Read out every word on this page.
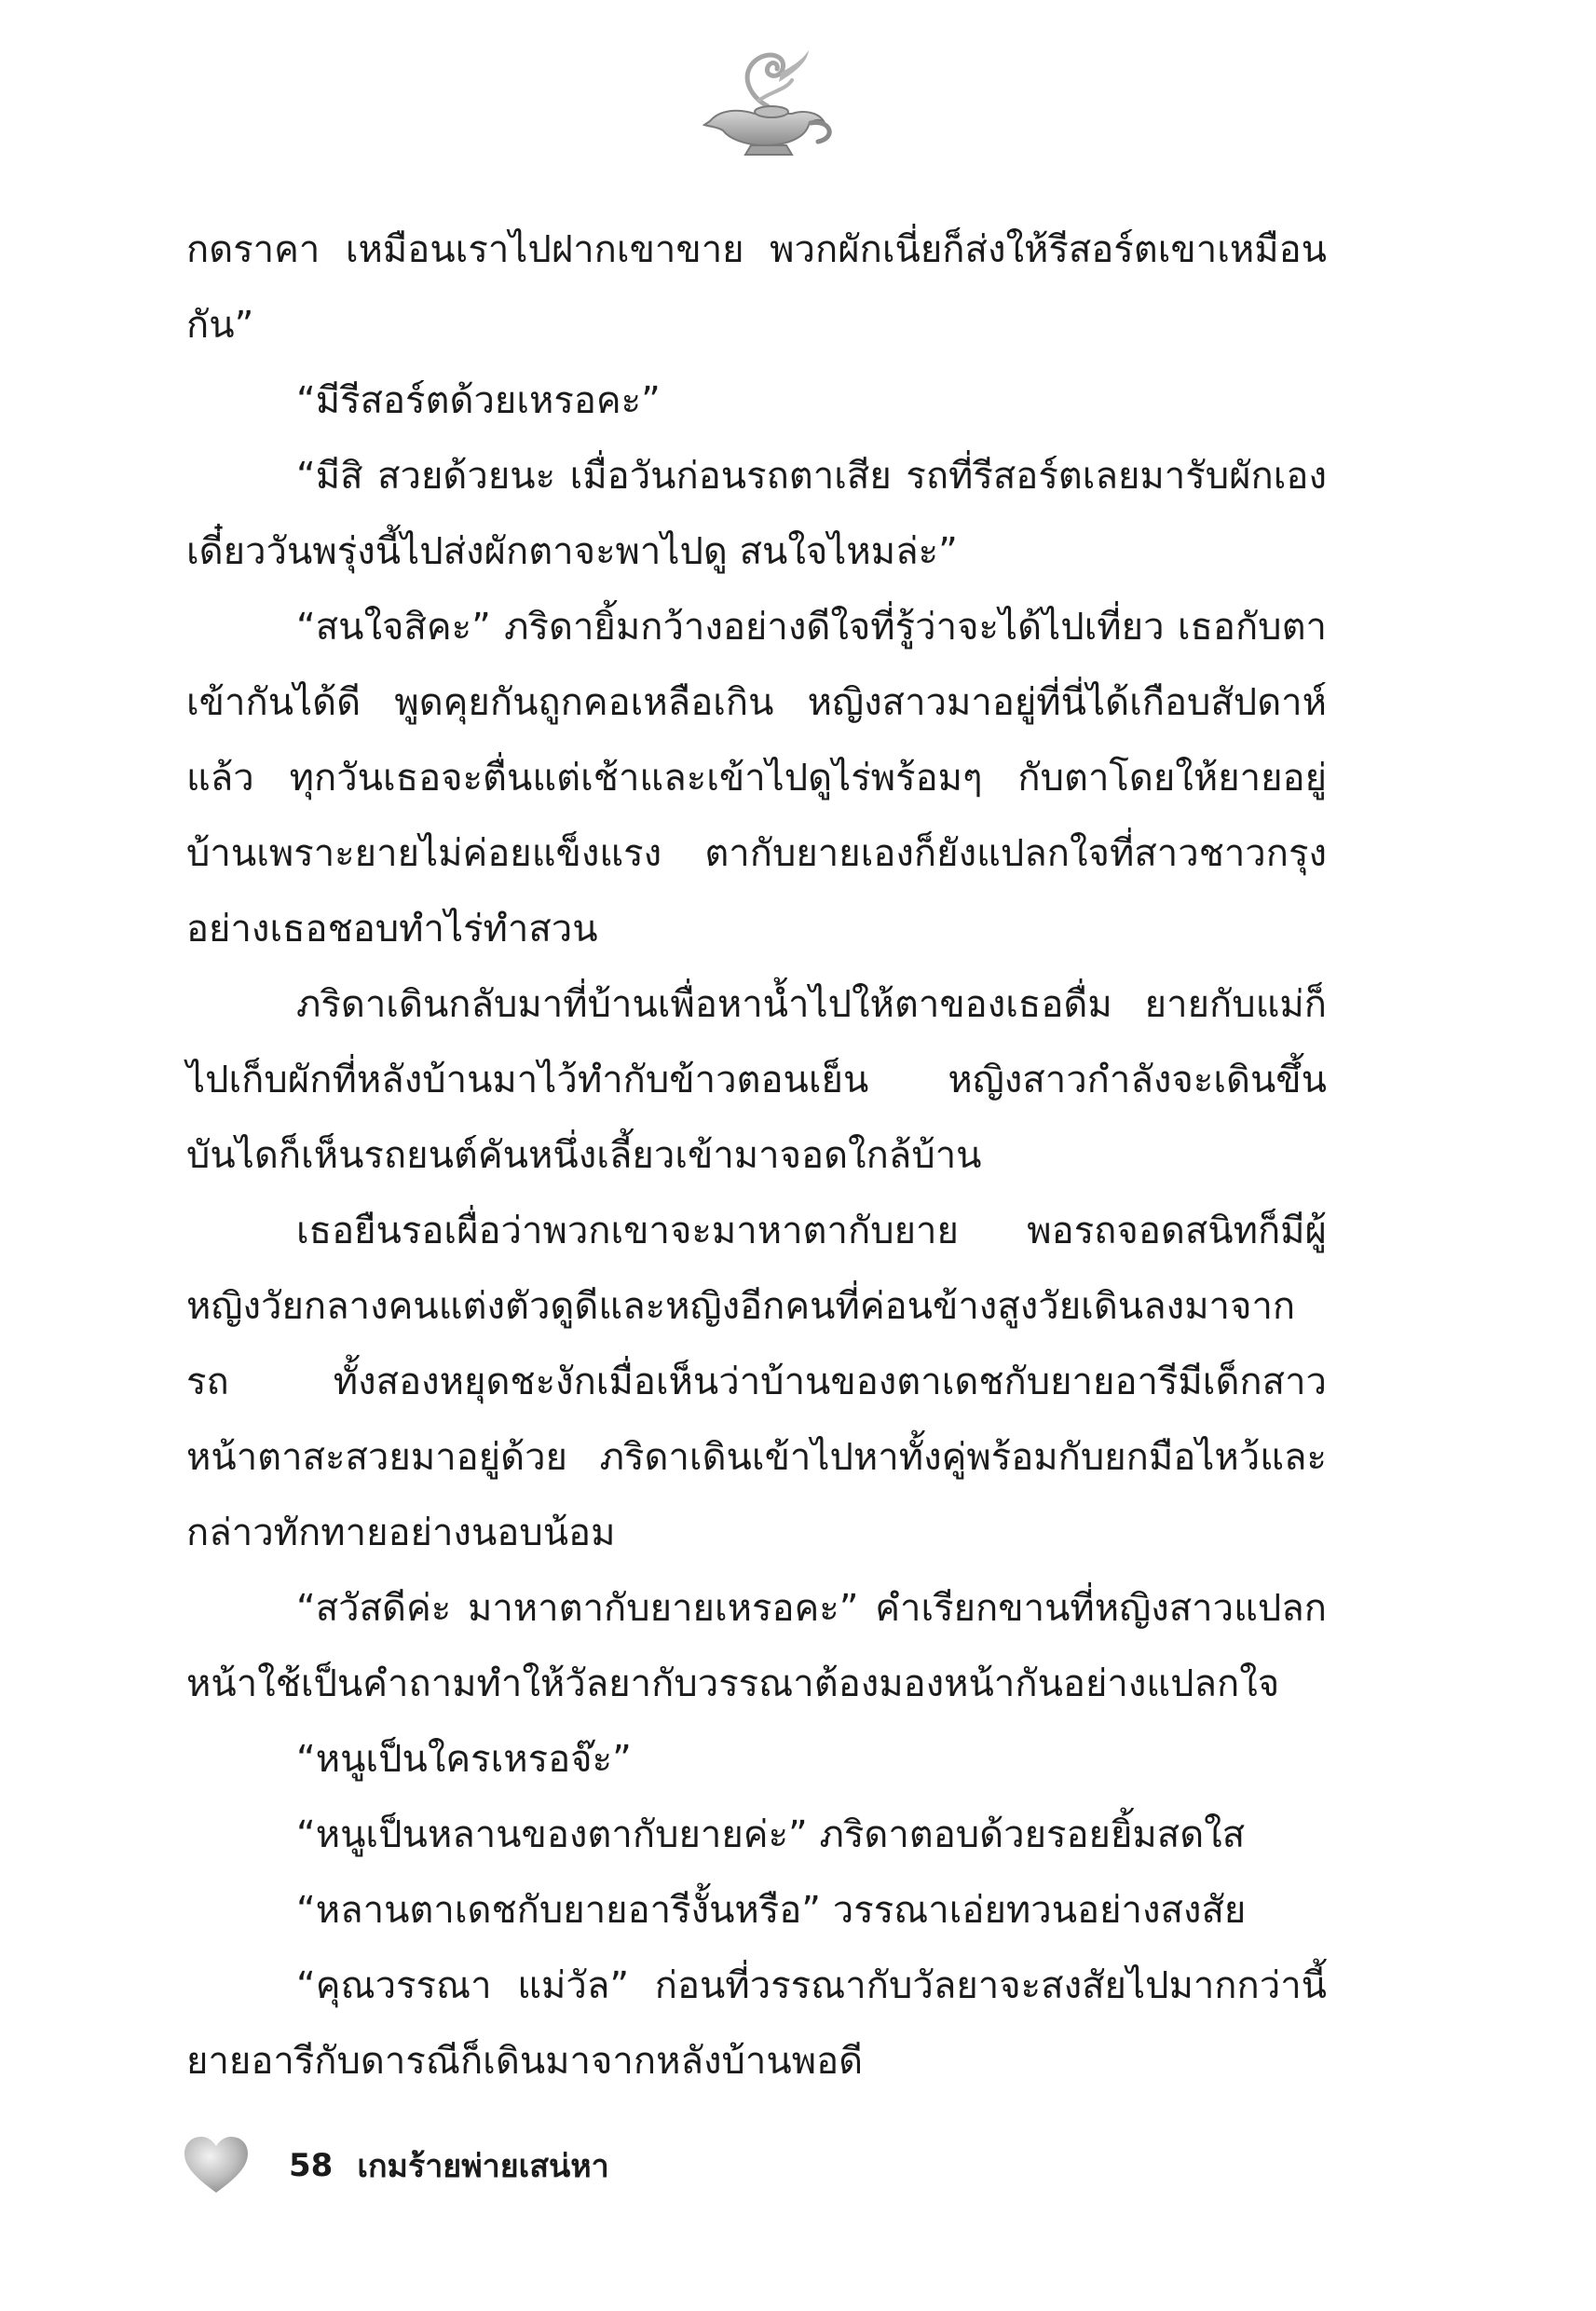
กดราคา เหมือนเราไปฝากเขาขาย พวกผักเนี่ยก็ส่งให้รีสอร์ตเขาเหมือนกัน”

“มีรีสอร์ตด้วยเหรอคะ”

“มีสิ สวยด้วยนะ เมื่อวันก่อนรถตาเสีย รถที่รีสอร์ตเลยมารับผักเอง เดี๋ยววันพรุ่งนี้ไปส่งผักตาจะพาไปดู สนใจไหมล่ะ”

“สนใจสิคะ” ภริดายิ้มกว้างอย่างดีใจที่รู้ว่าจะได้ไปเที่ยว เธอกับตาเข้ากันได้ดี พูดคุยกันถูกคอเหลือเกิน หญิงสาวมาอยู่ที่นี่ได้เกือบสัปดาห์แล้ว ทุกวันเธอจะตื่นแต่เช้าและเข้าไปดูไร่พร้อมๆ กับตาโดยให้ยายอยู่บ้านเพราะยายไม่ค่อยแข็งแรง ตากับยายเองก็ยังแปลกใจที่สาวชาวกรุงอย่างเธอชอบทำไร่ทำสวน

ภริดาเดินกลับมาที่บ้านเพื่อหาน้ำไปให้ตาของเธอดื่ม ยายกับแม่ก็ไปเก็บผักที่หลังบ้านมาไว้ทำกับข้าวตอนเย็น หญิงสาวกำลังจะเดินขึ้นบันไดก็เห็นรถยนต์คันหนึ่งเลี้ยวเข้ามาจอดใกล้บ้าน

เธอยืนรอเผื่อว่าพวกเขาจะมาหาตากับยาย พอรถจอดสนิทก็มีผู้หญิงวัยกลางคนแต่งตัวดูดีและหญิงอีกคนที่ค่อนข้างสูงวัยเดินลงมาจากรถ ทั้งสองหยุดชะงักเมื่อเห็นว่าบ้านของตาเดชกับยายอารีมีเด็กสาวหน้าตาสะสวยมาอยู่ด้วย ภริดาเดินเข้าไปหาทั้งคู่พร้อมกับยกมือไหว้และกล่าวทักทายอย่างนอบน้อม

“สวัสดีค่ะ มาหาตากับยายเหรอคะ” คำเรียกขานที่หญิงสาวแปลกหน้าใช้เป็นคำถามทำให้วัลยากับวรรณาต้องมองหน้ากันอย่างแปลกใจ

“หนูเป็นใครเหรอจ๊ะ”

“หนูเป็นหลานของตากับยายค่ะ” ภริดาตอบด้วยรอยยิ้มสดใส

“หลานตาเดชกับยายอารีงั้นหรือ” วรรณาเอ่ยทวนอย่างสงสัย

“คุณวรรณา แม่วัล” ก่อนที่วรรณากับวัลยาจะสงสัยไปมากกว่านี้ยายอารีกับดารณีก็เดินมาจากหลังบ้านพอดี

58 เกมร้ายพ่ายเสน่หา
